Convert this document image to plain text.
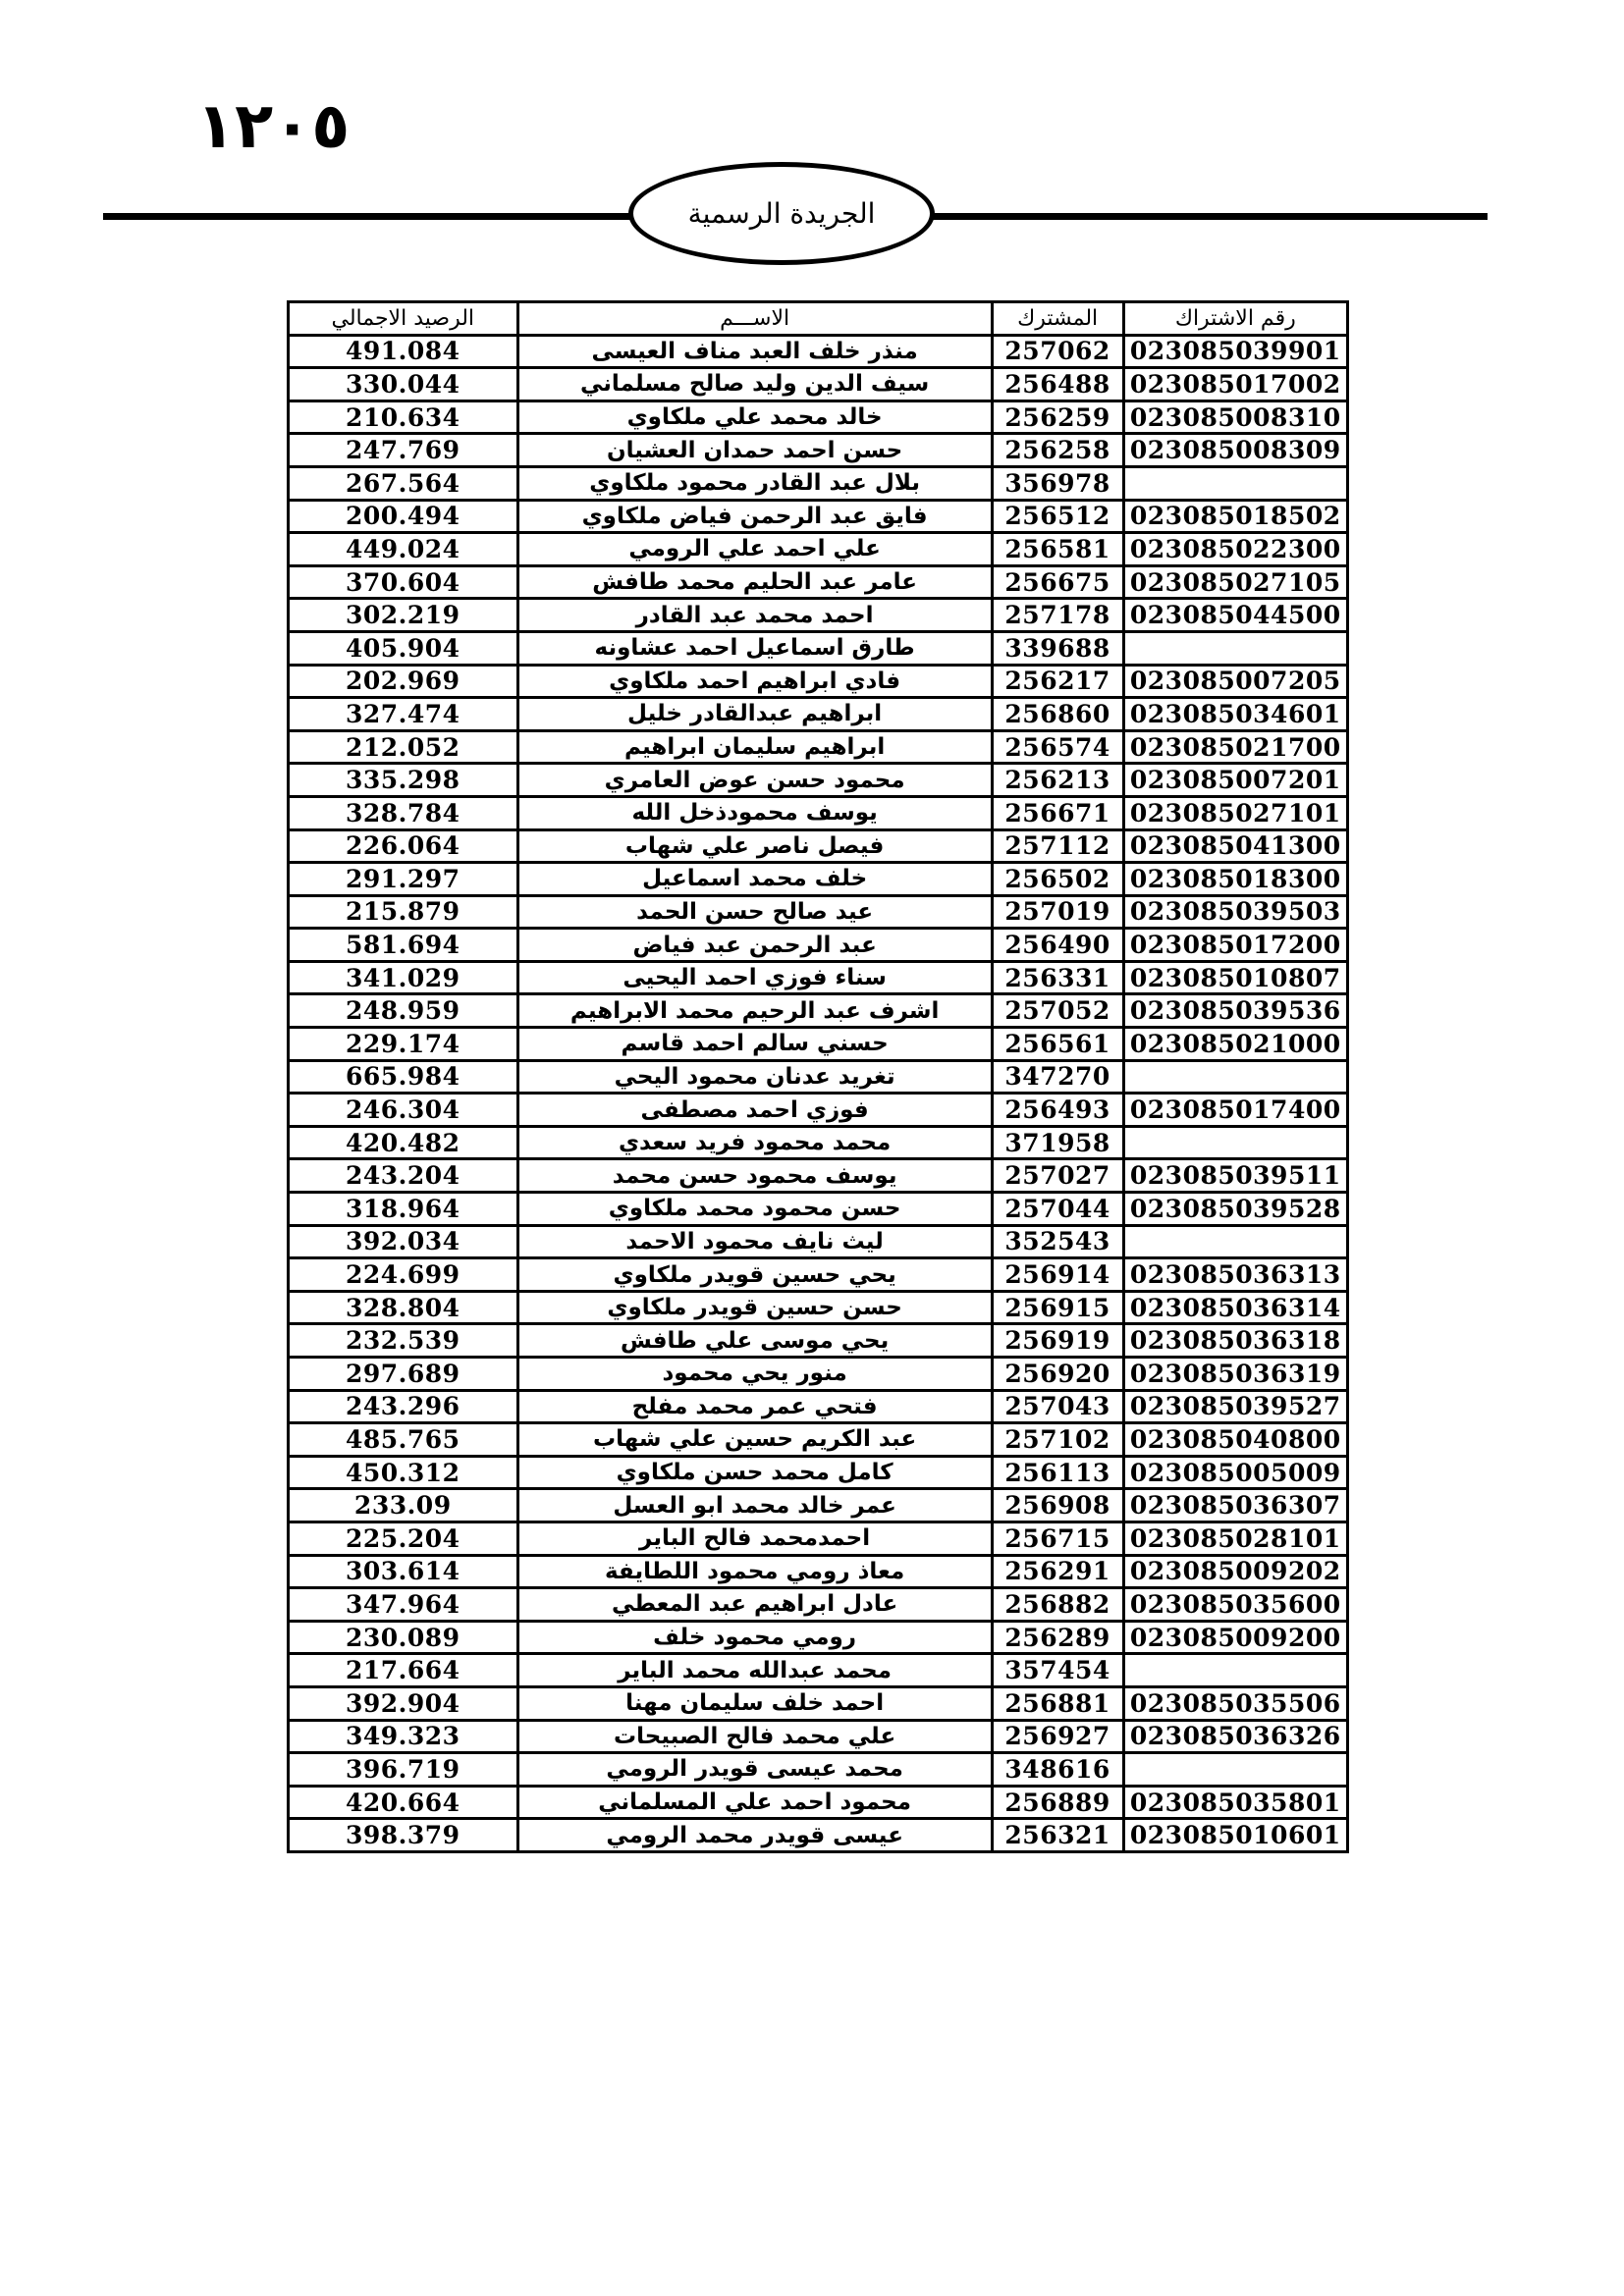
١٢٠٥
الجريدة الرسمية
رقم الاشتراك	المشترك	الاســـم	الرصيد الاجمالي
023085039901	257062	منذر خلف العبد مناف العيسى	491.084
023085017002	256488	سيف الدين وليد صالح مسلماني	330.044
023085008310	256259	خالد محمد علي ملكاوي	210.634
023085008309	256258	حسن احمد حمدان العشيان	247.769
	356978	بلال عبد القادر محمود ملكاوي	267.564
023085018502	256512	فايق عبد الرحمن فياض ملكاوي	200.494
023085022300	256581	علي احمد علي الرومي	449.024
023085027105	256675	عامر عبد الحليم محمد طافش	370.604
023085044500	257178	احمد محمد عبد القادر	302.219
	339688	طارق اسماعيل احمد عشاونه	405.904
023085007205	256217	فادي ابراهيم احمد ملكاوي	202.969
023085034601	256860	ابراهيم عبدالقادر خليل	327.474
023085021700	256574	ابراهيم سليمان ابراهيم	212.052
023085007201	256213	محمود حسن عوض العامري	335.298
023085027101	256671	يوسف محمودذخل الله	328.784
023085041300	257112	فيصل ناصر علي شهاب	226.064
023085018300	256502	خلف محمد اسماعيل	291.297
023085039503	257019	عيد صالح حسن الحمد	215.879
023085017200	256490	عبد الرحمن عبد فياض	581.694
023085010807	256331	سناء فوزي احمد اليحيى	341.029
023085039536	257052	اشرف عبد الرحيم محمد الابراهيم	248.959
023085021000	256561	حسني سالم احمد قاسم	229.174
	347270	تغريد عدنان محمود اليحي	665.984
023085017400	256493	فوزي احمد مصطفى	246.304
	371958	محمد محمود فريد سعدي	420.482
023085039511	257027	يوسف محمود حسن محمد	243.204
023085039528	257044	حسن محمود محمد ملكاوي	318.964
	352543	ليث نايف محمود الاحمد	392.034
023085036313	256914	يحي حسين قويدر ملكاوي	224.699
023085036314	256915	حسن حسين قويدر ملكاوي	328.804
023085036318	256919	يحي موسى علي طافش	232.539
023085036319	256920	منور يحي محمود	297.689
023085039527	257043	فتحي عمر محمد مفلح	243.296
023085040800	257102	عبد الكريم حسين علي شهاب	485.765
023085005009	256113	كامل محمد حسن ملكاوي	450.312
023085036307	256908	عمر خالد محمد ابو العسل	233.09
023085028101	256715	احمدمحمد فالح الباير	225.204
023085009202	256291	معاذ رومي محمود اللطايفة	303.614
023085035600	256882	عادل ابراهيم عبد المعطي	347.964
023085009200	256289	رومي محمود خلف	230.089
	357454	محمد عبدالله محمد الباير	217.664
023085035506	256881	احمد خلف سليمان مهنا	392.904
023085036326	256927	علي محمد فالح الصبيحات	349.323
	348616	محمد عيسى قويدر الرومي	396.719
023085035801	256889	محمود احمد علي المسلماني	420.664
023085010601	256321	عيسى قويدر محمد الرومي	398.379
